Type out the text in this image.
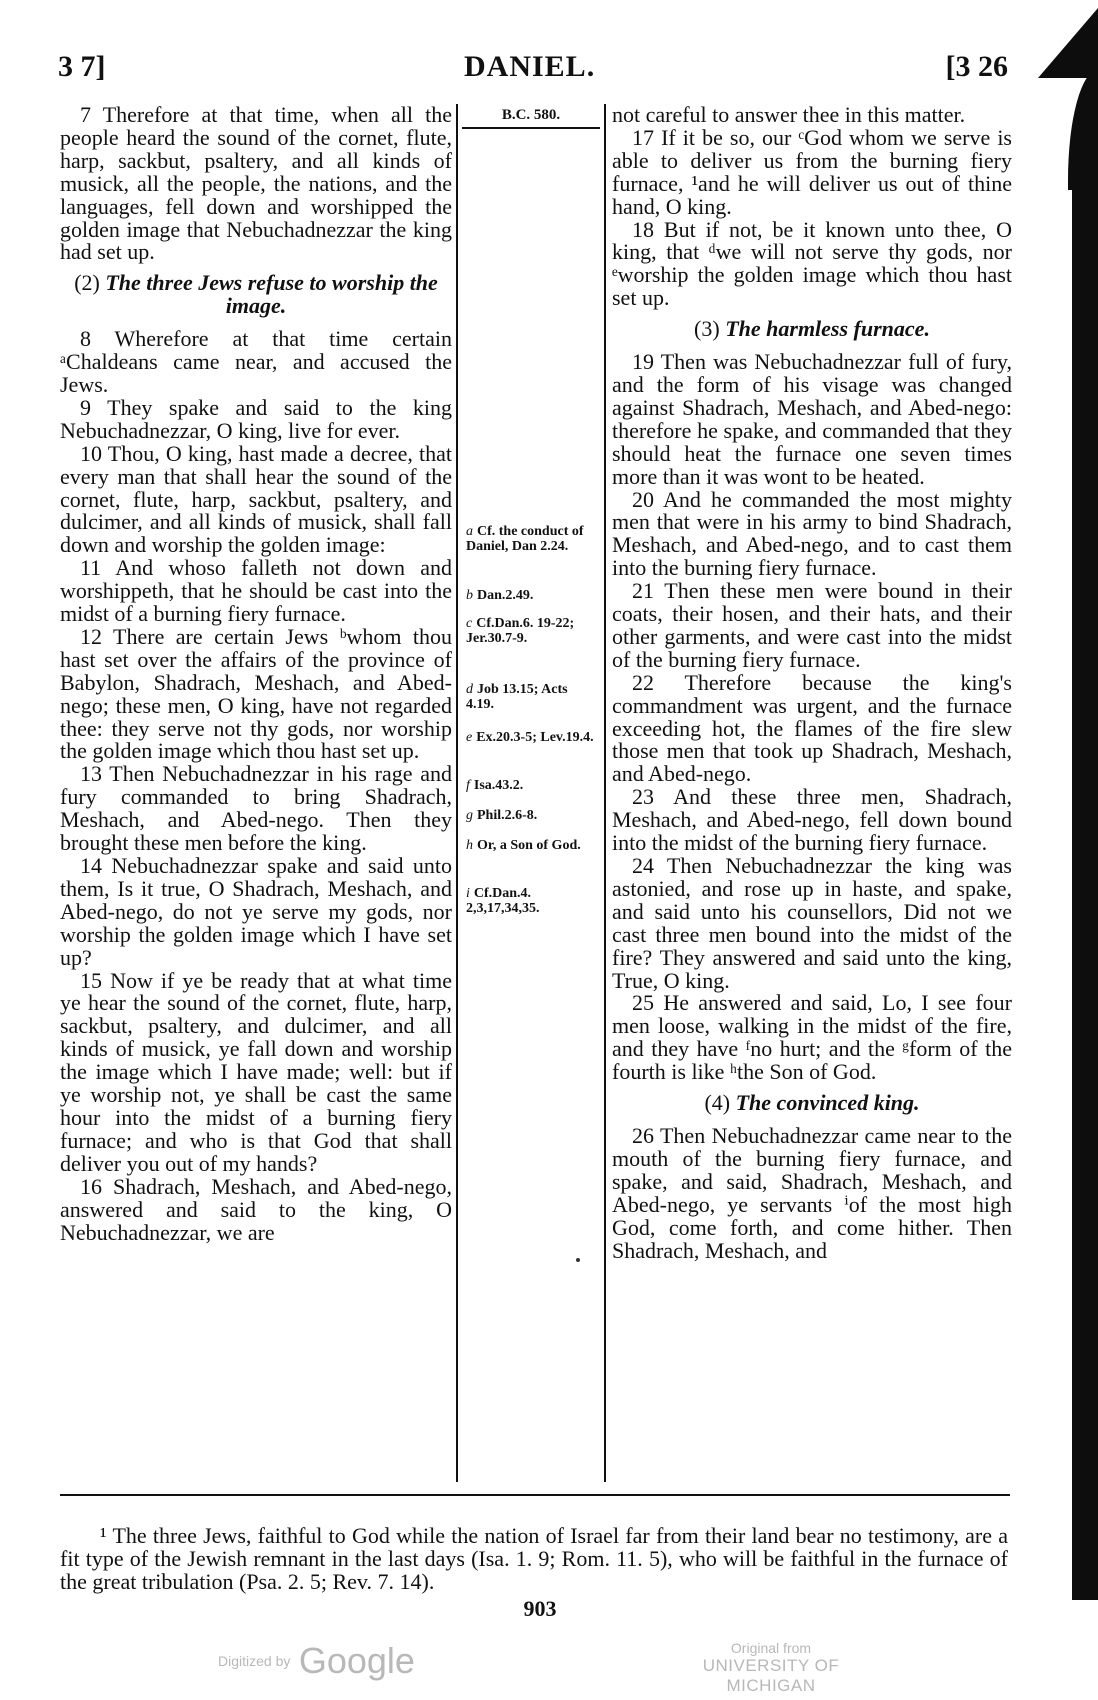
3 7]	DANIEL.	[3 26

7 Therefore at that time, when all the people heard the sound of the cornet, flute, harp, sackbut, psaltery, and all kinds of musick, all the people, the nations, and the languages, fell down and worshipped the golden image that Nebuchadnezzar the king had set up.

(2) The three Jews refuse to worship the image.

8 Wherefore at that time certain ᵃChaldeans came near, and accused the Jews.

9 They spake and said to the king Nebuchadnezzar, O king, live for ever.

10 Thou, O king, hast made a decree, that every man that shall hear the sound of the cornet, flute, harp, sackbut, psaltery, and dulcimer, and all kinds of musick, shall fall down and worship the golden image:

11 And whoso falleth not down and worshippeth, that he should be cast into the midst of a burning fiery furnace.

12 There are certain Jews ᵇwhom thou hast set over the affairs of the province of Babylon, Shadrach, Meshach, and Abed-nego; these men, O king, have not regarded thee: they serve not thy gods, nor worship the golden image which thou hast set up.

13 Then Nebuchadnezzar in his rage and fury commanded to bring Shadrach, Meshach, and Abed-nego. Then they brought these men before the king.

14 Nebuchadnezzar spake and said unto them, Is it true, O Shadrach, Meshach, and Abed-nego, do not ye serve my gods, nor worship the golden image which I have set up?

15 Now if ye be ready that at what time ye hear the sound of the cornet, flute, harp, sackbut, psaltery, and dulcimer, and all kinds of musick, ye fall down and worship the image which I have made; well: but if ye worship not, ye shall be cast the same hour into the midst of a burning fiery furnace; and who is that God that shall deliver you out of my hands?

16 Shadrach, Meshach, and Abed-nego, answered and said to the king, O Nebuchadnezzar, we are

B.C. 580.
a Cf. the conduct of Daniel, Dan 2.24.
b Dan.2.49.
c Cf.Dan.6. 19-22; Jer.30.7-9.
d Job 13.15; Acts 4.19.
e Ex.20.3-5; Lev.19.4.
f Isa.43.2.
g Phil.2.6-8.
h Or, a Son of God.
i Cf.Dan.4. 2,3,17,34,35.

not careful to answer thee in this matter.

17 If it be so, our ᶜGod whom we serve is able to deliver us from the burning fiery furnace, ¹and he will deliver us out of thine hand, O king.

18 But if not, be it known unto thee, O king, that ᵈwe will not serve thy gods, nor ᵉworship the golden image which thou hast set up.

(3) The harmless furnace.

19 Then was Nebuchadnezzar full of fury, and the form of his visage was changed against Shadrach, Meshach, and Abed-nego: therefore he spake, and commanded that they should heat the furnace one seven times more than it was wont to be heated.

20 And he commanded the most mighty men that were in his army to bind Shadrach, Meshach, and Abed-nego, and to cast them into the burning fiery furnace.

21 Then these men were bound in their coats, their hosen, and their hats, and their other garments, and were cast into the midst of the burning fiery furnace.

22 Therefore because the king's commandment was urgent, and the furnace exceeding hot, the flames of the fire slew those men that took up Shadrach, Meshach, and Abed-nego.

23 And these three men, Shadrach, Meshach, and Abed-nego, fell down bound into the midst of the burning fiery furnace.

24 Then Nebuchadnezzar the king was astonied, and rose up in haste, and spake, and said unto his counsellors, Did not we cast three men bound into the midst of the fire? They answered and said unto the king, True, O king.

25 He answered and said, Lo, I see four men loose, walking in the midst of the fire, and they have ᶠno hurt; and the ᵍform of the fourth is like ʰthe Son of God.

(4) The convinced king.

26 Then Nebuchadnezzar came near to the mouth of the burning fiery furnace, and spake, and said, Shadrach, Meshach, and Abed-nego, ye servants ⁱof the most high God, come forth, and come hither. Then Shadrach, Meshach, and

¹ The three Jews, faithful to God while the nation of Israel far from their land bear no testimony, are a fit type of the Jewish remnant in the last days (Isa. 1. 9; Rom. 11. 5), who will be faithful in the furnace of the great tribulation (Psa. 2. 5; Rev. 7. 14).

903
Digitized by Google	Original from
UNIVERSITY OF MICHIGAN
